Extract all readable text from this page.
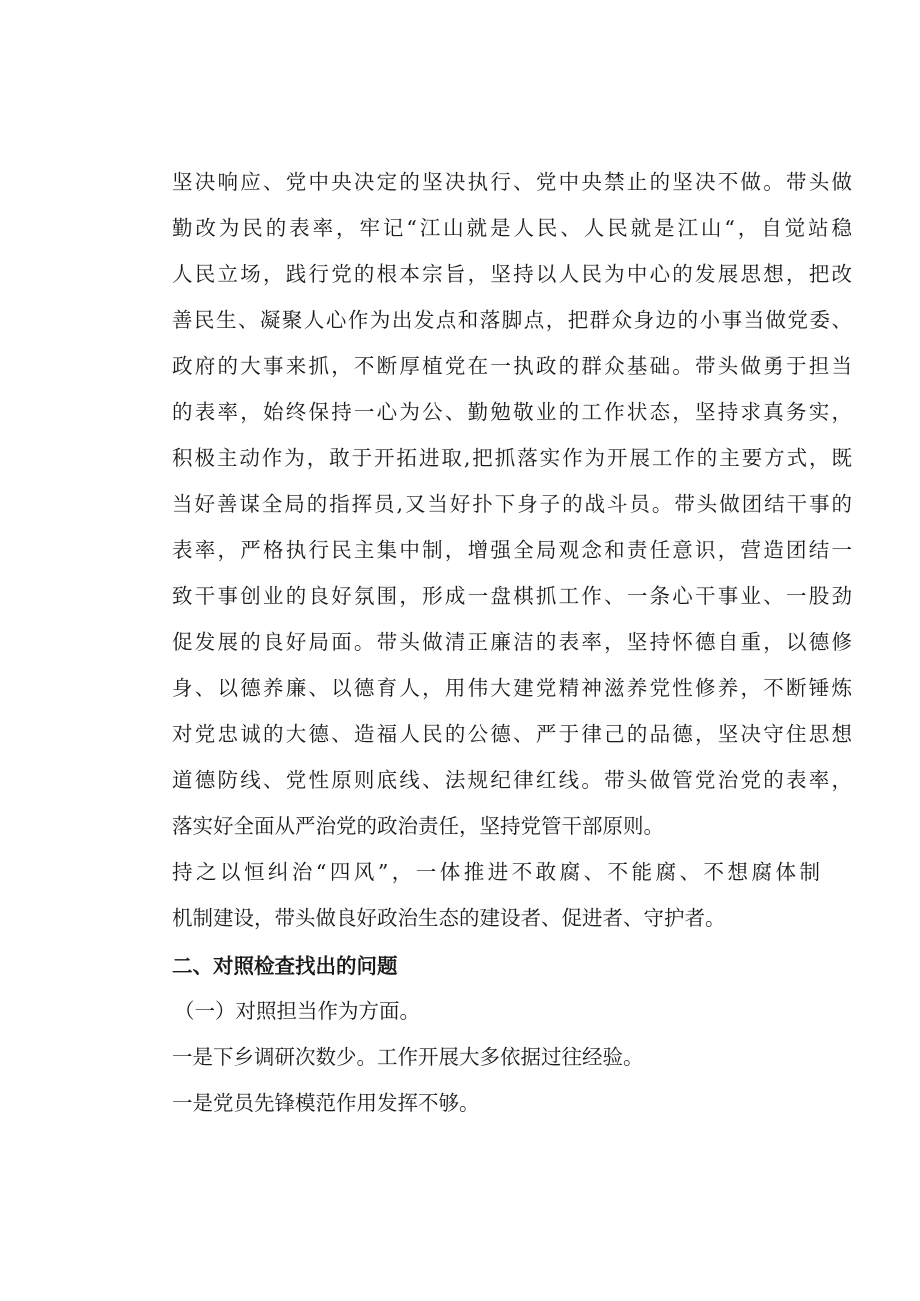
坚决响应、党中央决定的坚决执行、党中央禁止的坚决不做。带头做
勤改为民的表率，牢记“江山就是人民、人民就是江山“，自觉站稳
人民立场，践行党的根本宗旨，坚持以人民为中心的发展思想，把改
善民生、凝聚人心作为出发点和落脚点，把群众身边的小事当做党委、
政府的大事来抓，不断厚植党在一执政的群众基础。带头做勇于担当
的表率，始终保持一心为公、勤勉敬业的工作状态，坚持求真务实，
积极主动作为，敢于开拓进取,把抓落实作为开展工作的主要方式，既
当好善谋全局的指挥员,又当好扑下身子的战斗员。带头做团结干事的
表率，严格执行民主集中制，增强全局观念和责任意识，营造团结一
致干事创业的良好氛围，形成一盘棋抓工作、一条心干事业、一股劲
促发展的良好局面。带头做清正廉洁的表率，坚持怀德自重，以德修
身、以德养廉、以德育人，用伟大建党精神滋养党性修养，不断锤炼
对党忠诚的大德、造福人民的公德、严于律己的品德，坚决守住思想
道德防线、党性原则底线、法规纪律红线。带头做管党治党的表率，
落实好全面从严治党的政治责任，坚持党管干部原则。
持之以恒纠治“四风”，一体推进不敢腐、不能腐、不想腐体制
机制建设，带头做良好政治生态的建设者、促进者、守护者。
二、对照检查找出的问题
（一）对照担当作为方面。
一是下乡调研次数少。工作开展大多依据过往经验。
一是党员先锋模范作用发挥不够。
